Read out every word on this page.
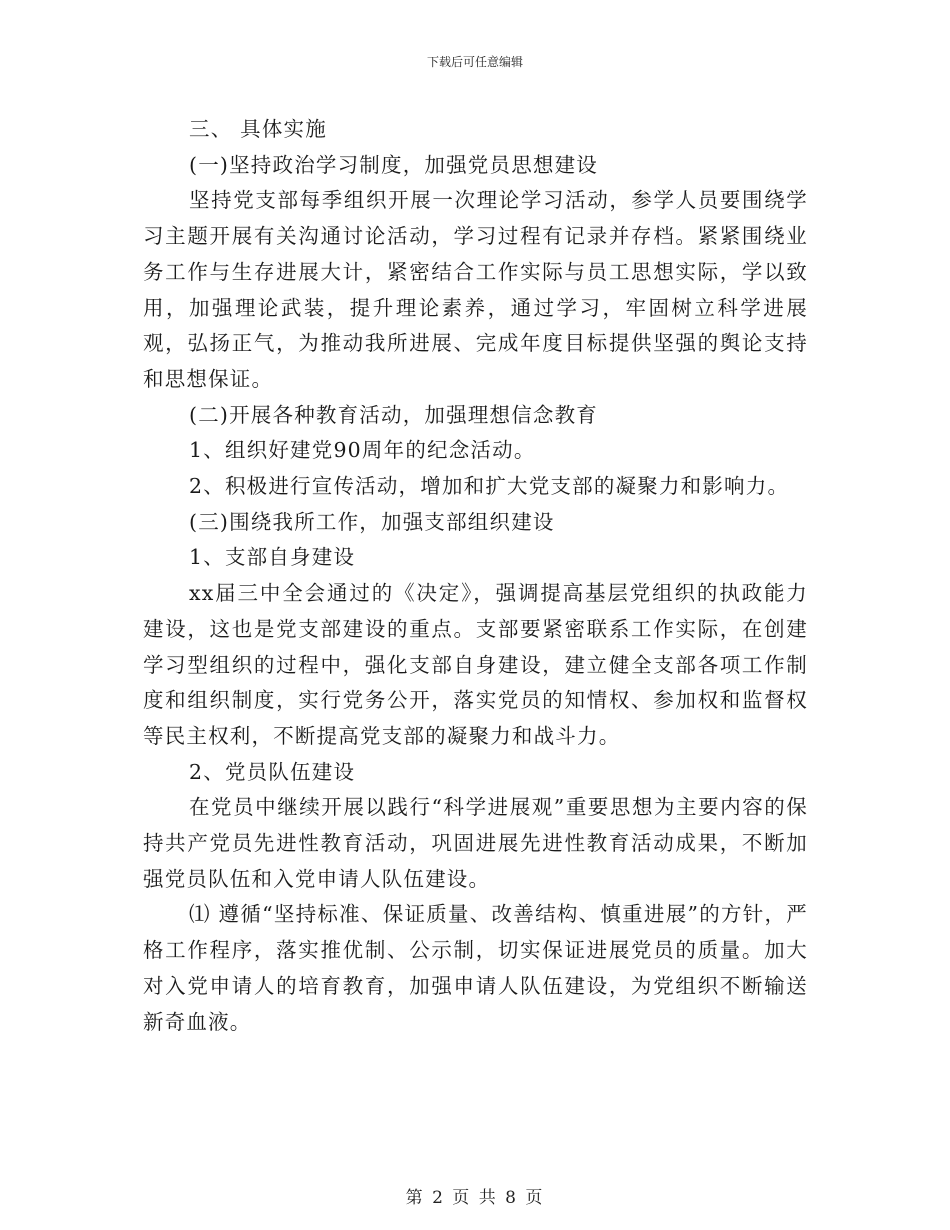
下载后可任意编辑

三、 具体实施

(一)坚持政治学习制度，加强党员思想建设

坚持党支部每季组织开展一次理论学习活动，参学人员要围绕学习主题开展有关沟通讨论活动，学习过程有记录并存档。紧紧围绕业务工作与生存进展大计，紧密结合工作实际与员工思想实际，学以致用，加强理论武装，提升理论素养，通过学习，牢固树立科学进展观，弘扬正气，为推动我所进展、完成年度目标提供坚强的舆论支持和思想保证。

(二)开展各种教育活动，加强理想信念教育

1、组织好建党90周年的纪念活动。

2、积极进行宣传活动，增加和扩大党支部的凝聚力和影响力。

(三)围绕我所工作，加强支部组织建设

1、支部自身建设

xx届三中全会通过的《决定》，强调提高基层党组织的执政能力建设，这也是党支部建设的重点。支部要紧密联系工作实际，在创建学习型组织的过程中，强化支部自身建设，建立健全支部各项工作制度和组织制度，实行党务公开，落实党员的知情权、参加权和监督权等民主权利，不断提高党支部的凝聚力和战斗力。

2、党员队伍建设

在党员中继续开展以践行“科学进展观”重要思想为主要内容的保持共产党员先进性教育活动，巩固进展先进性教育活动成果，不断加强党员队伍和入党申请人队伍建设。

⑴ 遵循“坚持标准、保证质量、改善结构、慎重进展”的方针，严格工作程序，落实推优制、公示制，切实保证进展党员的质量。加大对入党申请人的培育教育，加强申请人队伍建设，为党组织不断输送新奇血液。

第 2 页 共 8 页
